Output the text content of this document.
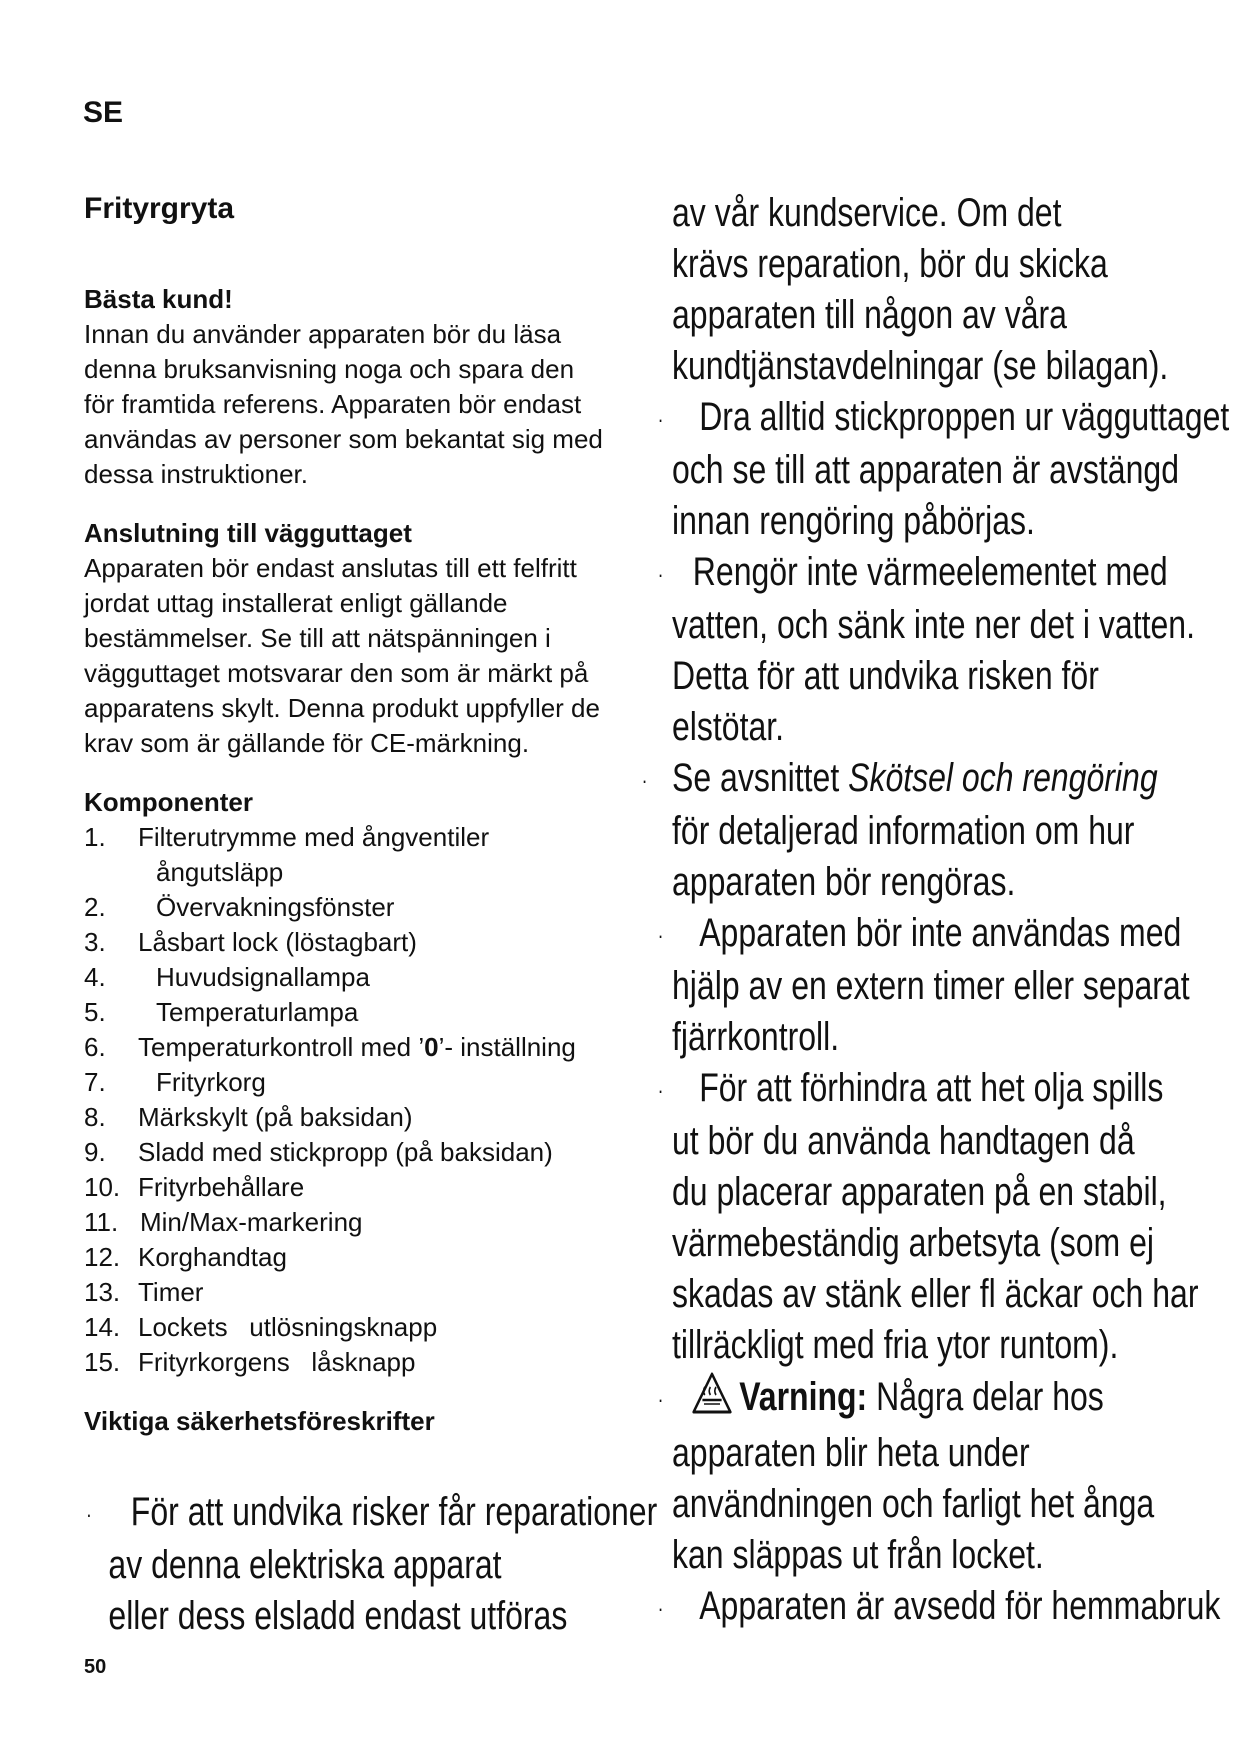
SE
Frityrgryta
Bästa kund!
Innan du använder apparaten bör du läsa
denna bruksanvisning noga och spara den
för framtida referens. Apparaten bör endast
användas av personer som bekantat sig med
dessa instruktioner.
Anslutning till vägguttaget
Apparaten bör endast anslutas till ett felfritt
jordat uttag installerat enligt gällande
bestämmelser. Se till att nätspänningen i
vägguttaget motsvarar den som är märkt på
apparatens skylt. Denna produkt uppfyller de
krav som är gällande för CE-märkning.
Komponenter
1.	Filterutrymme med ångventiler
ångutsläpp
2.	Övervakningsfönster
3.	Låsbart lock (löstagbart)
4.	Huvudsignallampa
5.	Temperaturlampa
6.	Temperaturkontroll med ’0’- inställning
7.	Frityrkorg
8.	Märkskylt (på baksidan)
9.	Sladd med stickpropp (på baksidan)
10. Frityrbehållare
11. Min/Max-markering
12. Korghandtag
13. Timer
14. Lockets   utlösningsknapp
15. Frityrkorgens   låsknapp
Viktiga säkerhetsföreskrifter
· För att undvika risker får reparationer
av denna elektriska apparat
eller dess elsladd endast utföras
av vår kundservice. Om det
krävs reparation, bör du skicka
apparaten till någon av våra
kundtjänstavdelningar (se bilagan).
· Dra alltid stickproppen ur vägguttaget
och se till att apparaten är avstängd
innan rengöring påbörjas.
· Rengör inte värmeelementet med
vatten, och sänk inte ner det i vatten.
Detta för att undvika risken för
elstötar.
· Se avsnittet Skötsel och rengöring
för detaljerad information om hur
apparaten bör rengöras.
· Apparaten bör inte användas med
hjälp av en extern timer eller separat
fjärrkontroll.
· För att förhindra att het olja spills
ut bör du använda handtagen då
du placerar apparaten på en stabil,
värmebeständig arbetsyta (som ej
skadas av stänk eller fl äckar och har
tillräckligt med fria ytor runtom).
· Varning: Några delar hos
apparaten blir heta under
användningen och farligt het ånga
kan släppas ut från locket.
· Apparaten är avsedd för hemmabruk
50
